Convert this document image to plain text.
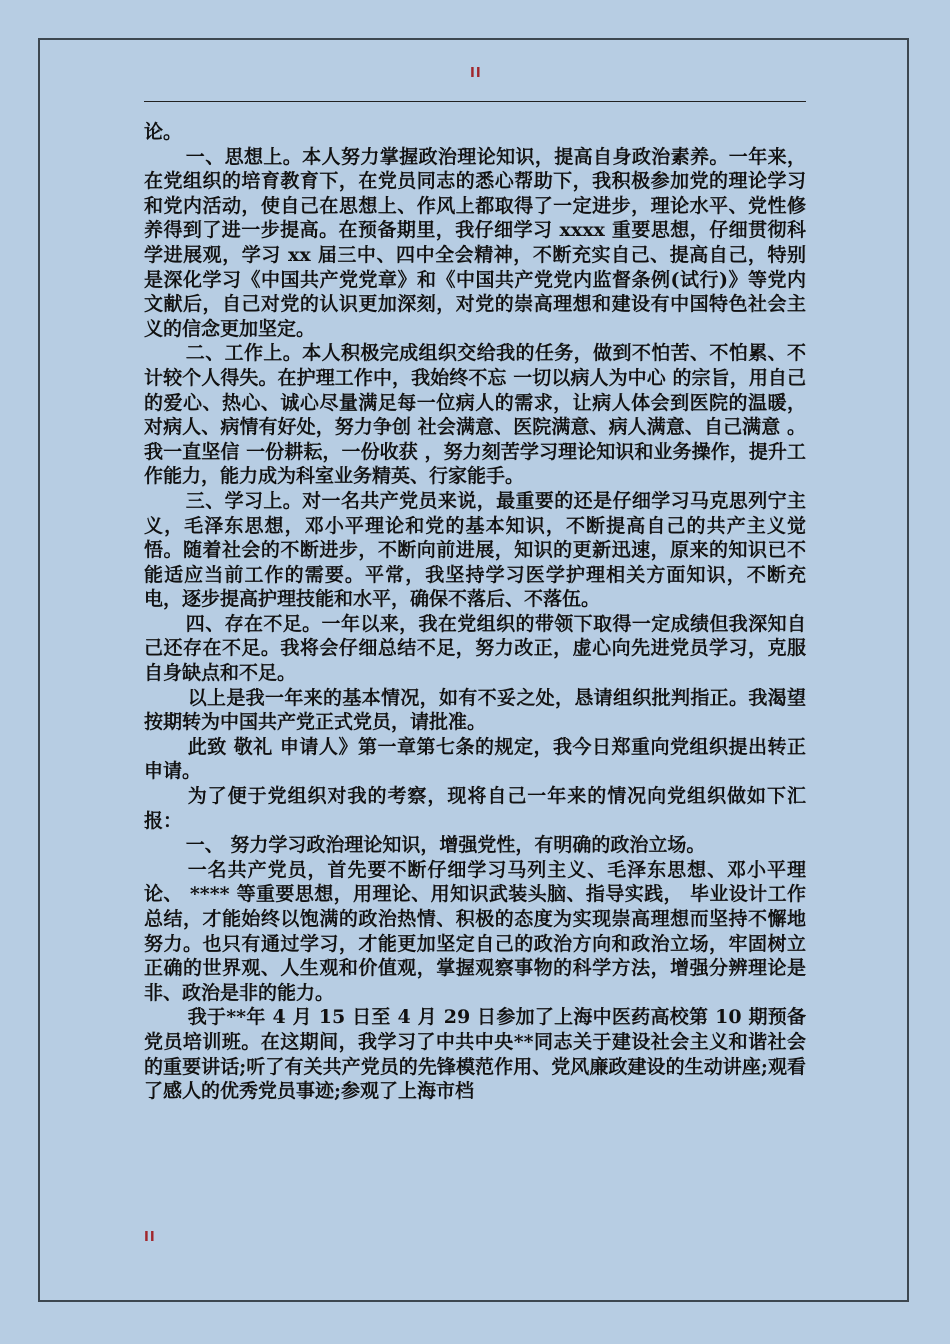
II

论。

一、思想上。本人努力掌握政治理论知识，提高自身政治素养。一年来，在党组织的培育教育下，在党员同志的悉心帮助下，我积极参加党的理论学习和党内活动，使自己在思想上、作风上都取得了一定进步，理论水平、党性修养得到了进一步提高。在预备期里，我仔细学习 xxxx 重要思想，仔细贯彻科学进展观，学习 xx 届三中、四中全会精神，不断充实自己、提高自己，特别是深化学习《中国共产党党章》和《中国共产党党内监督条例(试行)》等党内文献后，自己对党的认识更加深刻，对党的崇高理想和建设有中国特色社会主义的信念更加坚定。

二、工作上。本人积极完成组织交给我的任务，做到不怕苦、不怕累、不计较个人得失。在护理工作中，我始终不忘 一切以病人为中心 的宗旨，用自己的爱心、热心、诚心尽量满足每一位病人的需求，让病人体会到医院的温暖，对病人、病情有好处，努力争创 社会满意、医院满意、病人满意、自己满意 。我一直坚信 一份耕耘，一份收获 ，努力刻苦学习理论知识和业务操作，提升工作能力，能力成为科室业务精英、行家能手。

三、学习上。对一名共产党员来说，最重要的还是仔细学习马克思列宁主义，毛泽东思想，邓小平理论和党的基本知识，不断提高自己的共产主义觉悟。随着社会的不断进步，不断向前进展，知识的更新迅速，原来的知识已不能适应当前工作的需要。平常，我坚持学习医学护理相关方面知识，不断充电，逐步提高护理技能和水平，确保不落后、不落伍。

四、存在不足。一年以来，我在党组织的带领下取得一定成绩但我深知自己还存在不足。我将会仔细总结不足，努力改正，虚心向先进党员学习，克服自身缺点和不足。

以上是我一年来的基本情况，如有不妥之处，恳请组织批判指正。我渴望按期转为中国共产党正式党员，请批准。

此致 敬礼 申请人》第一章第七条的规定，我今日郑重向党组织提出转正申请。

为了便于党组织对我的考察，现将自己一年来的情况向党组织做如下汇报：

一、 努力学习政治理论知识，增强党性，有明确的政治立场。

一名共产党员，首先要不断仔细学习马列主义、毛泽东思想、邓小平理论、 **** 等重要思想，用理论、用知识武装头脑、指导实践， 毕业设计工作总结，才能始终以饱满的政治热情、积极的态度为实现崇高理想而坚持不懈地努力。也只有通过学习，才能更加坚定自己的政治方向和政治立场，牢固树立正确的世界观、人生观和价值观，掌握观察事物的科学方法，增强分辨理论是非、政治是非的能力。

我于**年 4 月 15 日至 4 月 29 日参加了上海中医药高校第 10 期预备党员培训班。在这期间，我学习了中共中央**同志关于建设社会主义和谐社会的重要讲话;听了有关共产党员的先锋模范作用、党风廉政建设的生动讲座;观看了感人的优秀党员事迹;参观了上海市档

II
